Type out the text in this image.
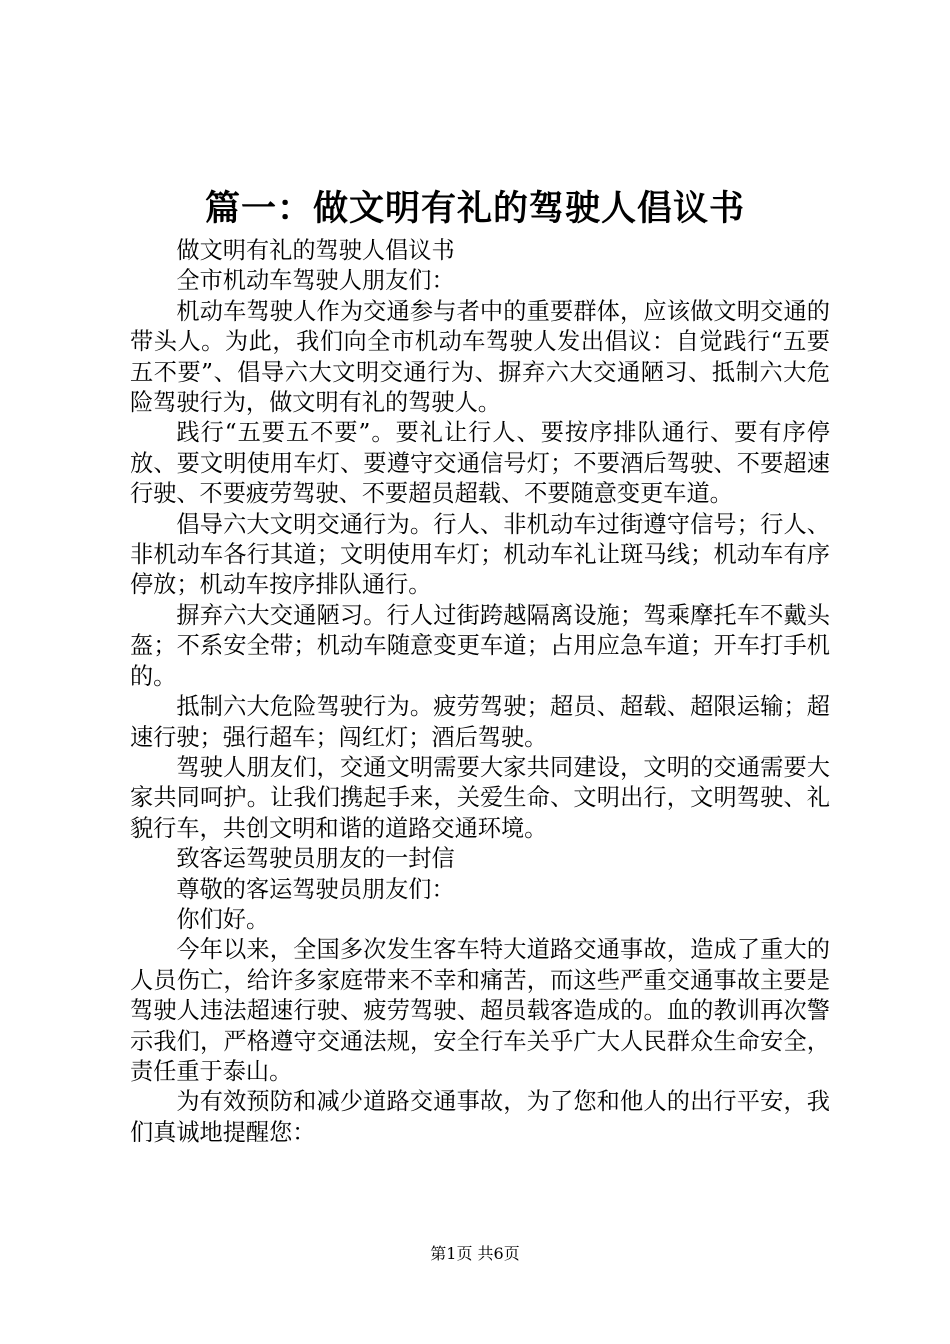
篇一：做文明有礼的驾驶人倡议书

做文明有礼的驾驶人倡议书

全市机动车驾驶人朋友们：

机动车驾驶人作为交通参与者中的重要群体，应该做文明交通的带头人。为此，我们向全市机动车驾驶人发出倡议：自觉践行“五要五不要”、倡导六大文明交通行为、摒弃六大交通陋习、抵制六大危险驾驶行为，做文明有礼的驾驶人。

践行“五要五不要”。要礼让行人、要按序排队通行、要有序停放、要文明使用车灯、要遵守交通信号灯；不要酒后驾驶、不要超速行驶、不要疲劳驾驶、不要超员超载、不要随意变更车道。

倡导六大文明交通行为。行人、非机动车过街遵守信号；行人、非机动车各行其道；文明使用车灯；机动车礼让斑马线；机动车有序停放；机动车按序排队通行。

摒弃六大交通陋习。行人过街跨越隔离设施；驾乘摩托车不戴头盔；不系安全带；机动车随意变更车道；占用应急车道；开车打手机的。

抵制六大危险驾驶行为。疲劳驾驶；超员、超载、超限运输；超速行驶；强行超车；闯红灯；酒后驾驶。

驾驶人朋友们，交通文明需要大家共同建设，文明的交通需要大家共同呵护。让我们携起手来，关爱生命、文明出行，文明驾驶、礼貌行车，共创文明和谐的道路交通环境。

致客运驾驶员朋友的一封信

尊敬的客运驾驶员朋友们：

你们好。

今年以来，全国多次发生客车特大道路交通事故，造成了重大的人员伤亡，给许多家庭带来不幸和痛苦，而这些严重交通事故主要是驾驶人违法超速行驶、疲劳驾驶、超员载客造成的。血的教训再次警示我们，严格遵守交通法规，安全行车关乎广大人民群众生命安全，责任重于泰山。

为有效预防和减少道路交通事故，为了您和他人的出行平安，我们真诚地提醒您：

第1页 共6页
